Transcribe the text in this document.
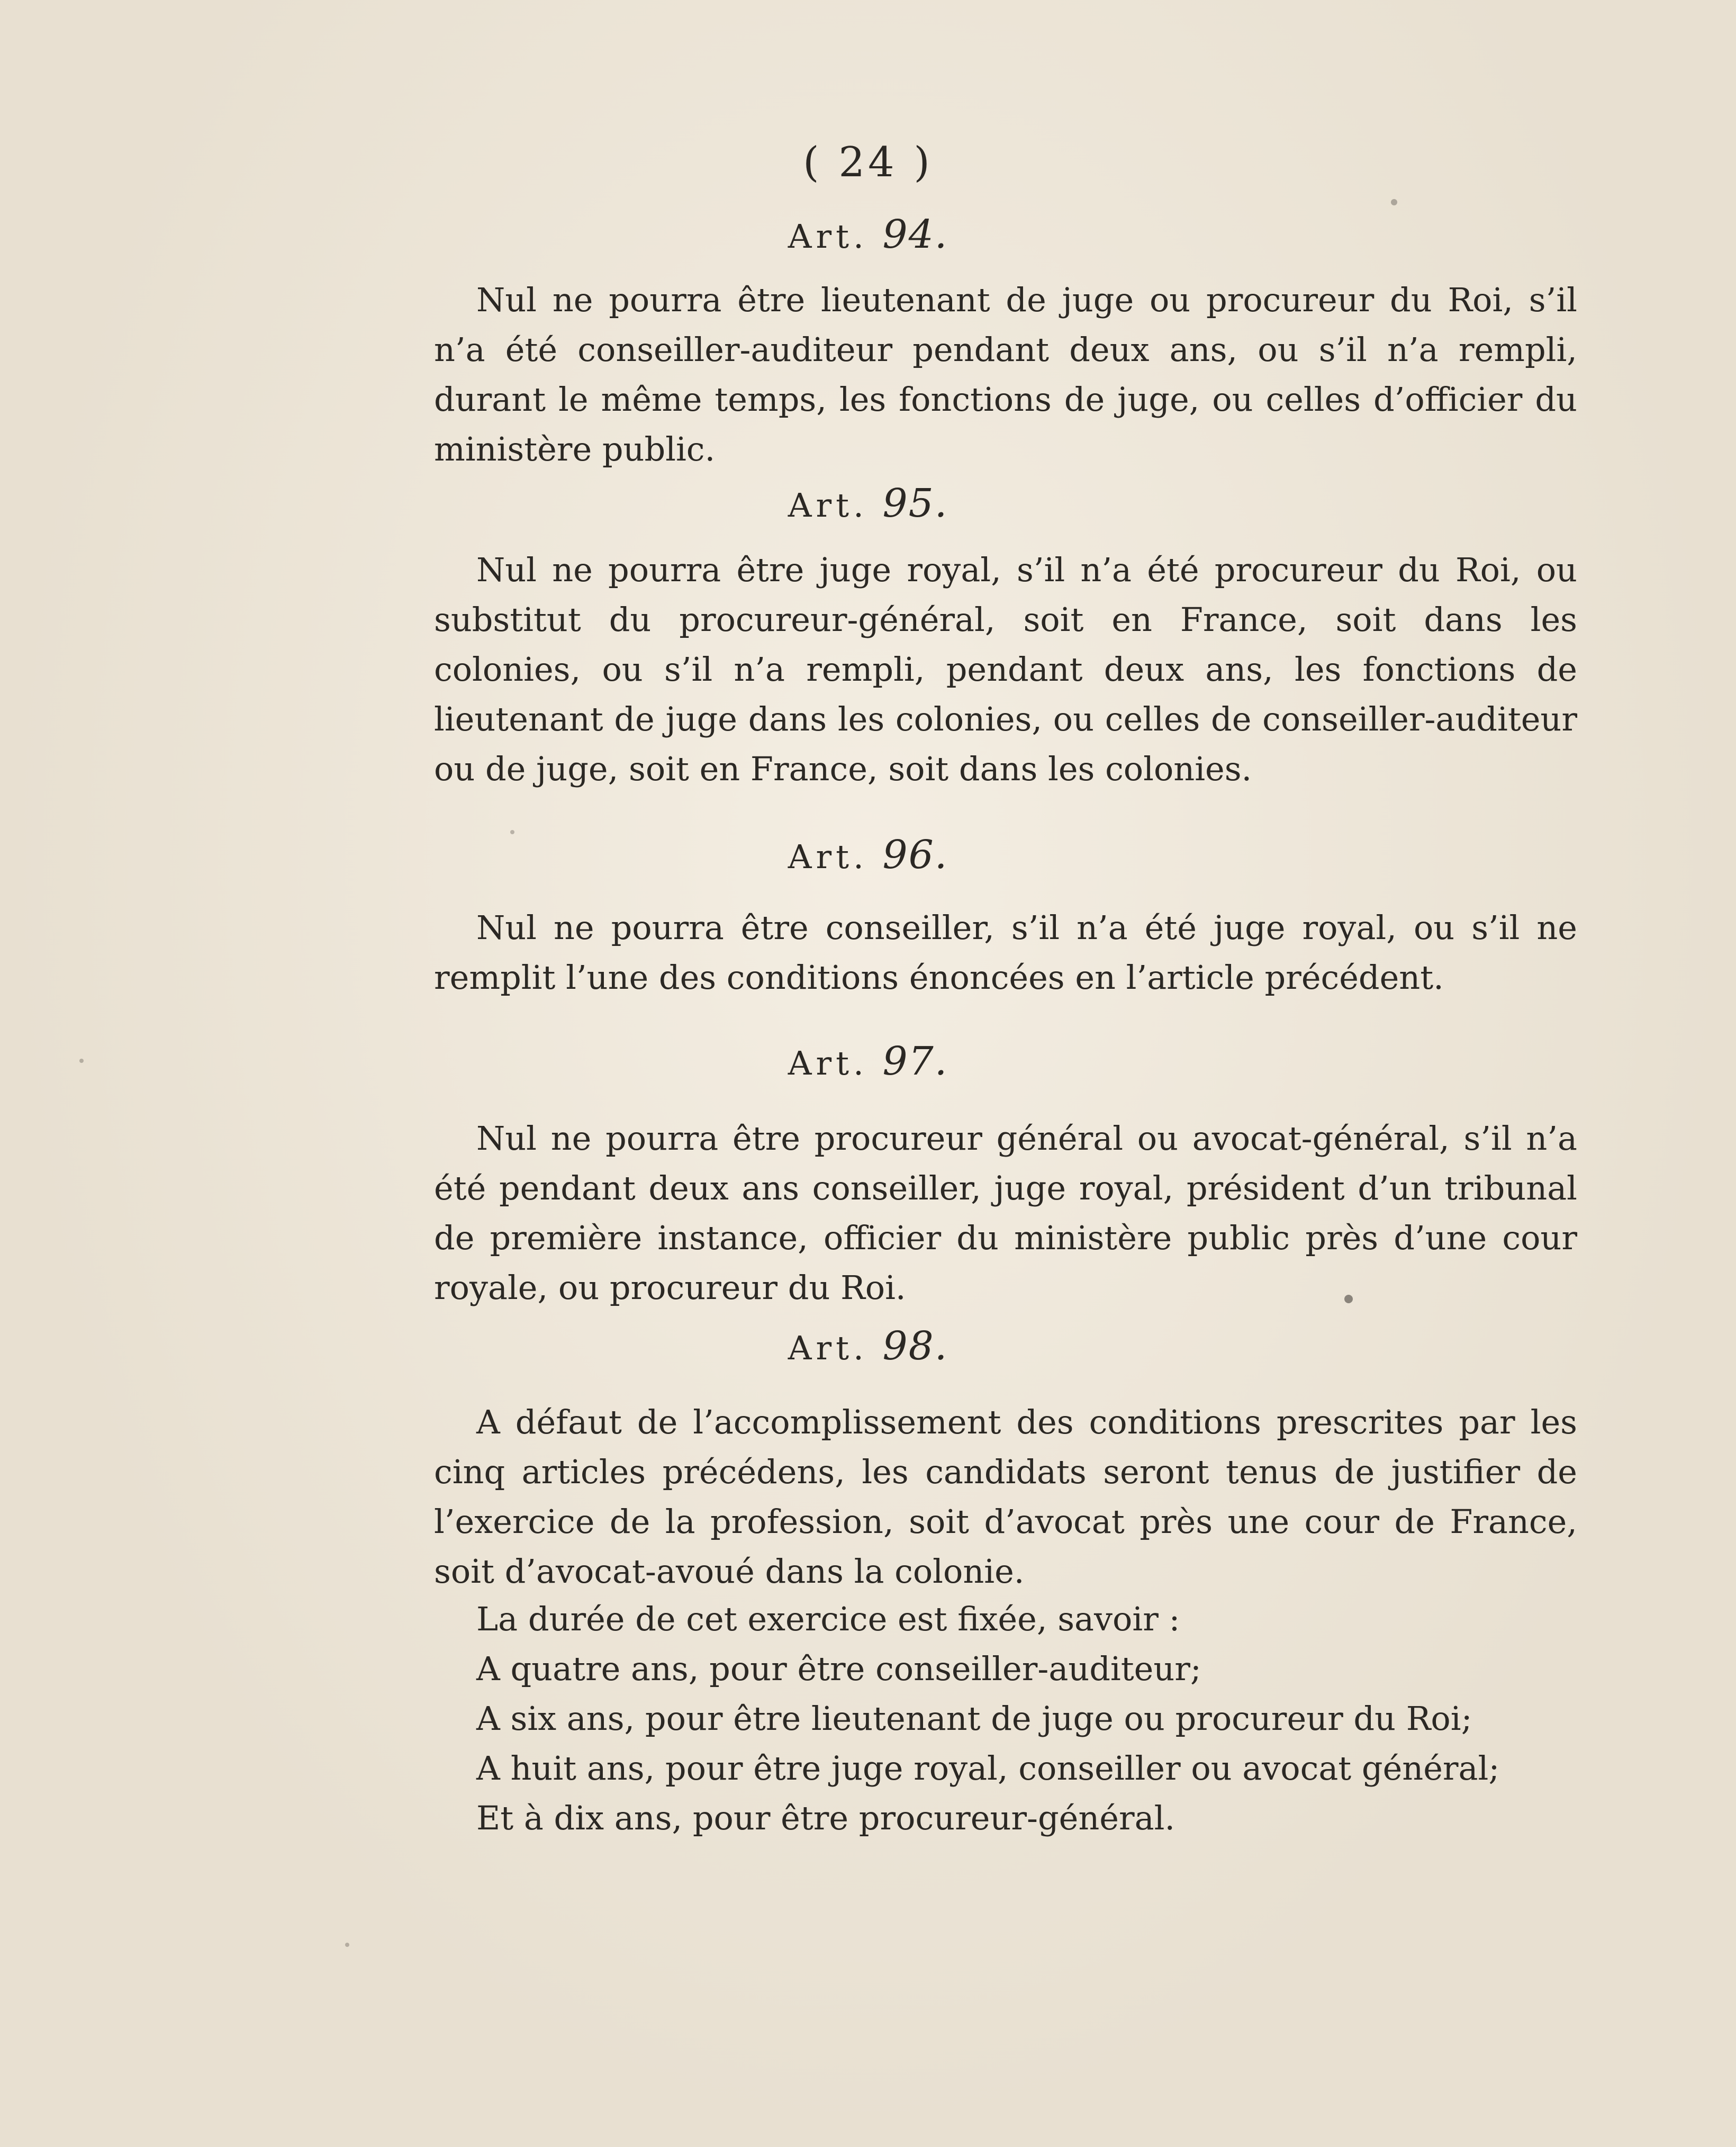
( 24 )
Art. 94.

Nul ne pourra être lieutenant de juge ou procureur du Roi, s’il n’a été conseiller-auditeur pendant deux ans, ou s’il n’a rempli, durant le même temps, les fonctions de juge, ou celles d’officier du ministère public.

Art. 95.

Nul ne pourra être juge royal, s’il n’a été procureur du Roi, ou substitut du procureur-général, soit en France, soit dans les colonies, ou s’il n’a rempli, pendant deux ans, les fonctions de lieutenant de juge dans les colonies, ou celles de conseiller-auditeur ou de juge, soit en France, soit dans les colonies.

Art. 96.

Nul ne pourra être conseiller, s’il n’a été juge royal, ou s’il ne remplit l’une des conditions énoncées en l’article précédent.

Art. 97.

Nul ne pourra être procureur général ou avocat-général, s’il n’a été pendant deux ans conseiller, juge royal, président d’un tribunal de première instance, officier du ministère public près d’une cour royale, ou procureur du Roi.

Art. 98.

A défaut de l’accomplissement des conditions prescrites par les cinq articles précédens, les candidats seront tenus de justifier de l’exercice de la profession, soit d’avocat près une cour de France, soit d’avocat-avoué dans la colonie.

La durée de cet exercice est fixée, savoir :
A quatre ans, pour être conseiller-auditeur;
A six ans, pour être lieutenant de juge ou procureur du Roi;
A huit ans, pour être juge royal, conseiller ou avocat général;
Et à dix ans, pour être procureur-général.
